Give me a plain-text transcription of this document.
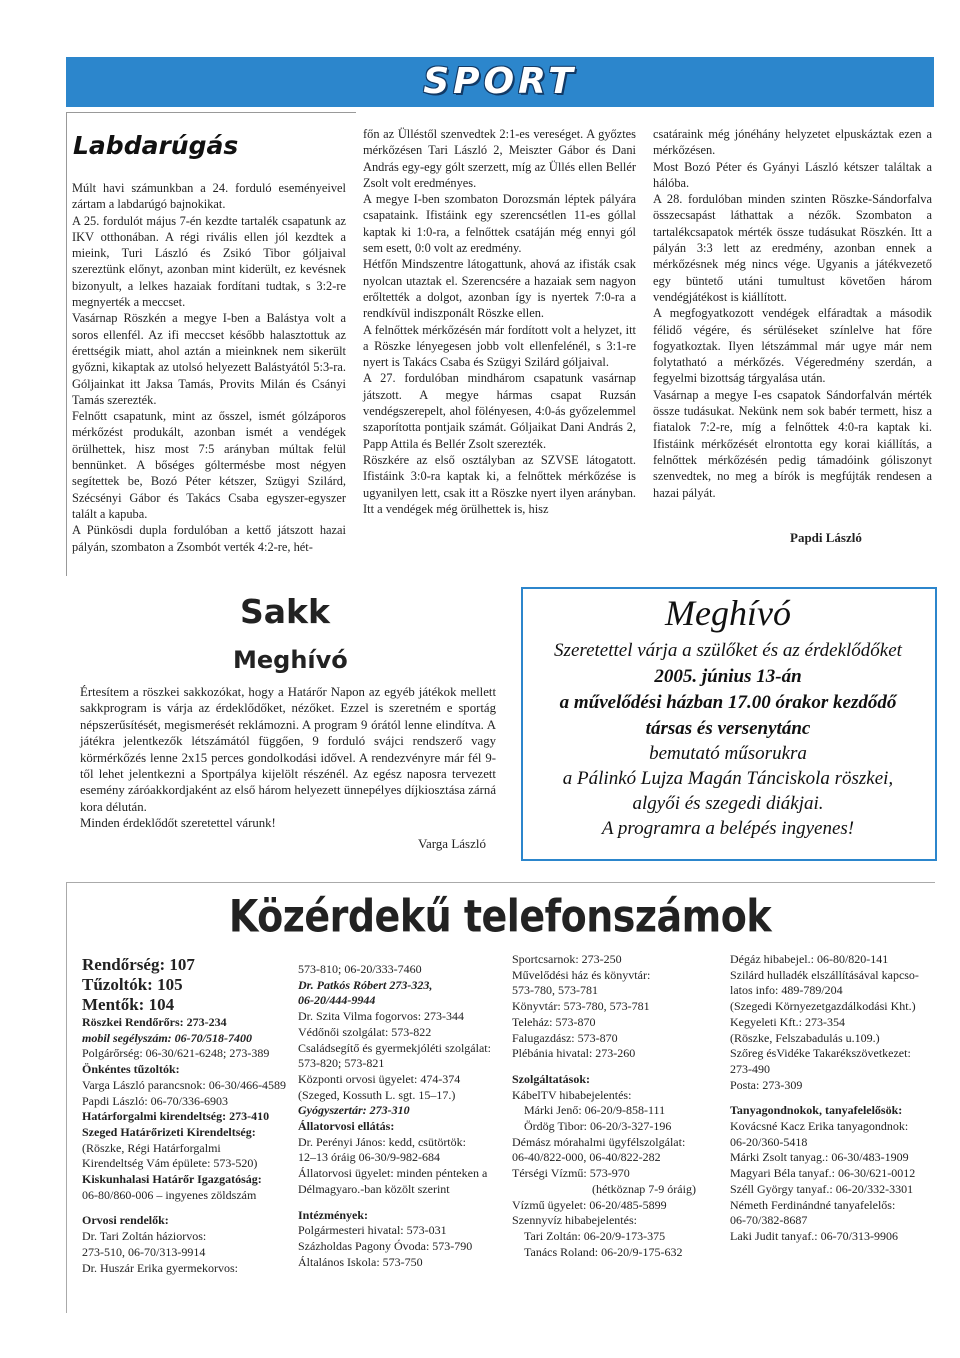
SPORT
Labdarúgás

Múlt havi számunkban a 24. forduló eseményeivel zártam a labdarúgó bajnokikat.

A 25. fordulót május 7-én kezdte tartalék csapatunk az IKV otthonában. A régi rivális ellen jól kezdtek a mieink, Turi László és Zsikó Tibor góljaival szereztünk előnyt, azonban mint kiderült, ez kevésnek bizonyult, a lelkes hazaiak fordítani tudtak, s 3:2-re megnyerték a meccset.

Vasárnap Röszkén a megye I-ben a Balástya volt a soros ellenfél. Az ifi meccset később halasztottuk az érettségik miatt, ahol aztán a mieinknek nem sikerült győzni, kikaptak az utolsó helyezett Balástyától 5:3-ra. Góljainkat itt Jaksa Tamás, Provits Milán és Csányi Tamás szerezték.

Felnőtt csapatunk, mint az ősszel, ismét gólzáporos mérkőzést produkált, azonban ismét a vendégek örülhettek, hisz most 7:5 arányban múltak felül bennünket. A bőséges góltermésbe most négyen segítettek be, Bozó Péter kétszer, Szügyi Szilárd, Szécsényi Gábor és Takács Csaba egyszer-egyszer talált a kapuba.

A Pünkösdi dupla fordulóban a kettő játszott hazai pályán, szombaton a Zsombót verték 4:2-re, hét-

főn az Ülléstől szenvedtek 2:1-es vereséget. A győztes mérkőzésen Tari László 2, Meiszter Gábor és Dani András egy-egy gólt szerzett, míg az Üllés ellen Bellér Zsolt volt eredményes.

A megye I-ben szombaton Dorozsmán léptek pályára csapataink. Ifistáink egy szerencsétlen 11-es góllal kaptak ki 1:0-ra, a felnőttek csatáján még ennyi gól sem esett, 0:0 volt az eredmény.

Hétfőn Mindszentre látogattunk, ahová az ifisták csak nyolcan utaztak el. Szerencsére a hazaiak sem nagyon erőltették a dolgot, azonban így is nyertek 7:0-ra a rendkívül indiszponált Röszke ellen.

A felnőttek mérkőzésén már fordított volt a helyzet, itt a Röszke lényegesen jobb volt ellenfelénél, s 3:1-re nyert is Takács Csaba és Szügyi Szilárd góljaival.

A 27. fordulóban mindhárom csapatunk vasárnap játszott. A megye hármas csapat Ruzsán vendégszerepelt, ahol fölényesen, 4:0-ás győzelemmel szaporította pontjaik számát. Góljaikat Dani András 2, Papp Attila és Bellér Zsolt szerezték.

Röszkére az első osztályban az SZVSE látogatott. Ifistáink 3:0-ra kaptak ki, a felnőttek mérkőzése is ugyanilyen lett, csak itt a Röszke nyert ilyen arányban. Itt a vendégek még örülhettek is, hisz

csatáraink még jónéhány helyzetet elpuskáztak ezen a mérkőzésen.

Most Bozó Péter és Gyányi László kétszer találtak a hálóba.

A 28. fordulóban minden szinten Röszke-Sándorfalva összecsapást láthattak a nézők. Szombaton a tartalékcsapatok mérték össze tudásukat Röszkén. Itt a pályán 3:3 lett az eredmény, azonban ennek a mérkőzésnek még nincs vége. Ugyanis a játékvezető egy büntető utáni tumultust követően három vendégjátékost is kiállított.

A megfogyatkozott vendégek elfáradtak a második félidő végére, és sérüléseket színlelve hat főre fogyatkoztak. Ilyen létszámmal már ugye már nem folytatható a mérkőzés. Végeredmény szerdán, a fegyelmi bizottság tárgyalása után.

Vasárnap a megye I-es csapatok Sándorfalván mérték össze tudásukat. Nekünk nem sok babér termett, hisz a fiatalok 7:2-re, míg a felnőttek 4:0-ra kaptak ki. Ifistáink mérkőzését elrontotta egy korai kiállítás, a felnőttek mérkőzésén pedig támadóink góliszonyt szenvedtek, no meg a bírók is megfújták rendesen a hazai pályát.

Papdi László
Sakk
Meghívó

Értesítem a röszkei sakkozókat, hogy a Határőr Napon az egyéb játékok mellett sakkprogram is várja az érdeklődőket, nézőket. Ezzel is szeretném e sportág népszerűsítését, megismerését reklámozni. A program 9 órától lenne elindítva. A játékra jelentkezők létszámától függően, 9 forduló svájci rendszerő vagy körmérkőzés lenne 2x15 perces gondolkodási idővel. A rendezvényre már fél 9-től lehet jelentkezni a Sportpálya kijelölt részénél. Az egész naposra tervezett esemény záróakkordjaként az első három helyezett ünnepélyes díjkiosztása zárná kora délután.

Minden érdeklődőt szeretettel várunk!

Varga László
Meghívó
Szeretettel várja a szülőket és az érdeklődőket
2005. június 13-án
a művelődési házban 17.00 órakor kezdődő
társas és versenytánc
bemutató műsorukra
a Pálinkó Lujza Magán Tánciskola röszkei,
algyői és szegedi diákjai.
A programra a belépés ingyenes!
Közérdekű telefonszámok
Rendőrség: 107
Tűzoltók: 105
Mentők: 104
Röszkei Rendőrőrs: 273-234
mobil segélyszám: 06-70/518-7400
Polgárőrség: 06-30/621-6248; 273-389
Önkéntes tűzoltók:
Varga László parancsnok: 06-30/466-4589
Papdi László: 06-70/336-6903
Határforgalmi kirendeltség: 273-410
Szeged Határőrizeti Kirendeltség:
(Röszke, Régi Határforgalmi
Kirendeltség Vám épülete: 573-520)
Kiskunhalasi Határőr Igazgatóság:
06-80/860-006 – ingyenes zöldszám
Orvosi rendelők:
Dr. Tari Zoltán háziorvos:
273-510, 06-70/313-9914
Dr. Huszár Erika gyermekorvos:
573-810; 06-20/333-7460
Dr. Patkós Róbert 273-323,
06-20/444-9944
Dr. Szita Vilma fogorvos: 273-344
Védőnői szolgálat: 573-822
Családsegítő és gyermekjóléti szolgálat:
573-820; 573-821
Központi orvosi ügyelet: 474-374
(Szeged, Kossuth L. sgt. 15–17.)
Gyógyszertár: 273-310
Állatorvosi ellátás:
Dr. Perényi János: kedd, csütörtök:
12–13 óráig 06-30/9-982-684
Állatorvosi ügyelet: minden pénteken a
Délmagyaro.-ban közölt szerint
Intézmények:
Polgármesteri hivatal: 573-031
Százholdas Pagony Óvoda: 573-790
Általános Iskola: 573-750
Sportcsarnok: 273-250
Művelődési ház és könyvtár:
573-780, 573-781
Könyvtár: 573-780, 573-781
Teleház: 573-870
Falugazdász: 573-870
Plébánia hivatal: 273-260
Szolgáltatások:
KábelTV hibabejelentés:
Márki Jenő: 06-20/9-858-111
Ördög Tibor: 06-20/3-327-196
Démász mórahalmi ügyfélszolgálat:
06-40/822-000, 06-40/822-282
Térségi Vízmű: 573-970
(hétköznap 7-9 óráig)
Vízmű ügyelet: 06-20/485-5899
Szennyvíz hibabejelentés:
Tari Zoltán: 06-20/9-173-375
Tanács Roland: 06-20/9-175-632
Dégáz hibabejel.: 06-80/820-141
Szilárd hulladék elszállításával kapcso-
latos info: 489-789/204
(Szegedi Környezetgazdálkodási Kht.)
Kegyeleti Kft.: 273-354
(Röszke, Felszabadulás u.109.)
Szőreg ésVidéke Takarékszövetkezet:
273-490
Posta: 273-309
Tanyagondnokok, tanyafelelősök:
Kovácsné Kacz Erika tanyagondnok:
06-20/360-5418
Márki Zsolt tanyag.: 06-30/483-1909
Magyari Béla tanyaf.: 06-30/621-0012
Széll György tanyaf.: 06-20/332-3301
Németh Ferdinándné tanyafelelős:
06-70/382-8687
Laki Judit tanyaf.: 06-70/313-9906
